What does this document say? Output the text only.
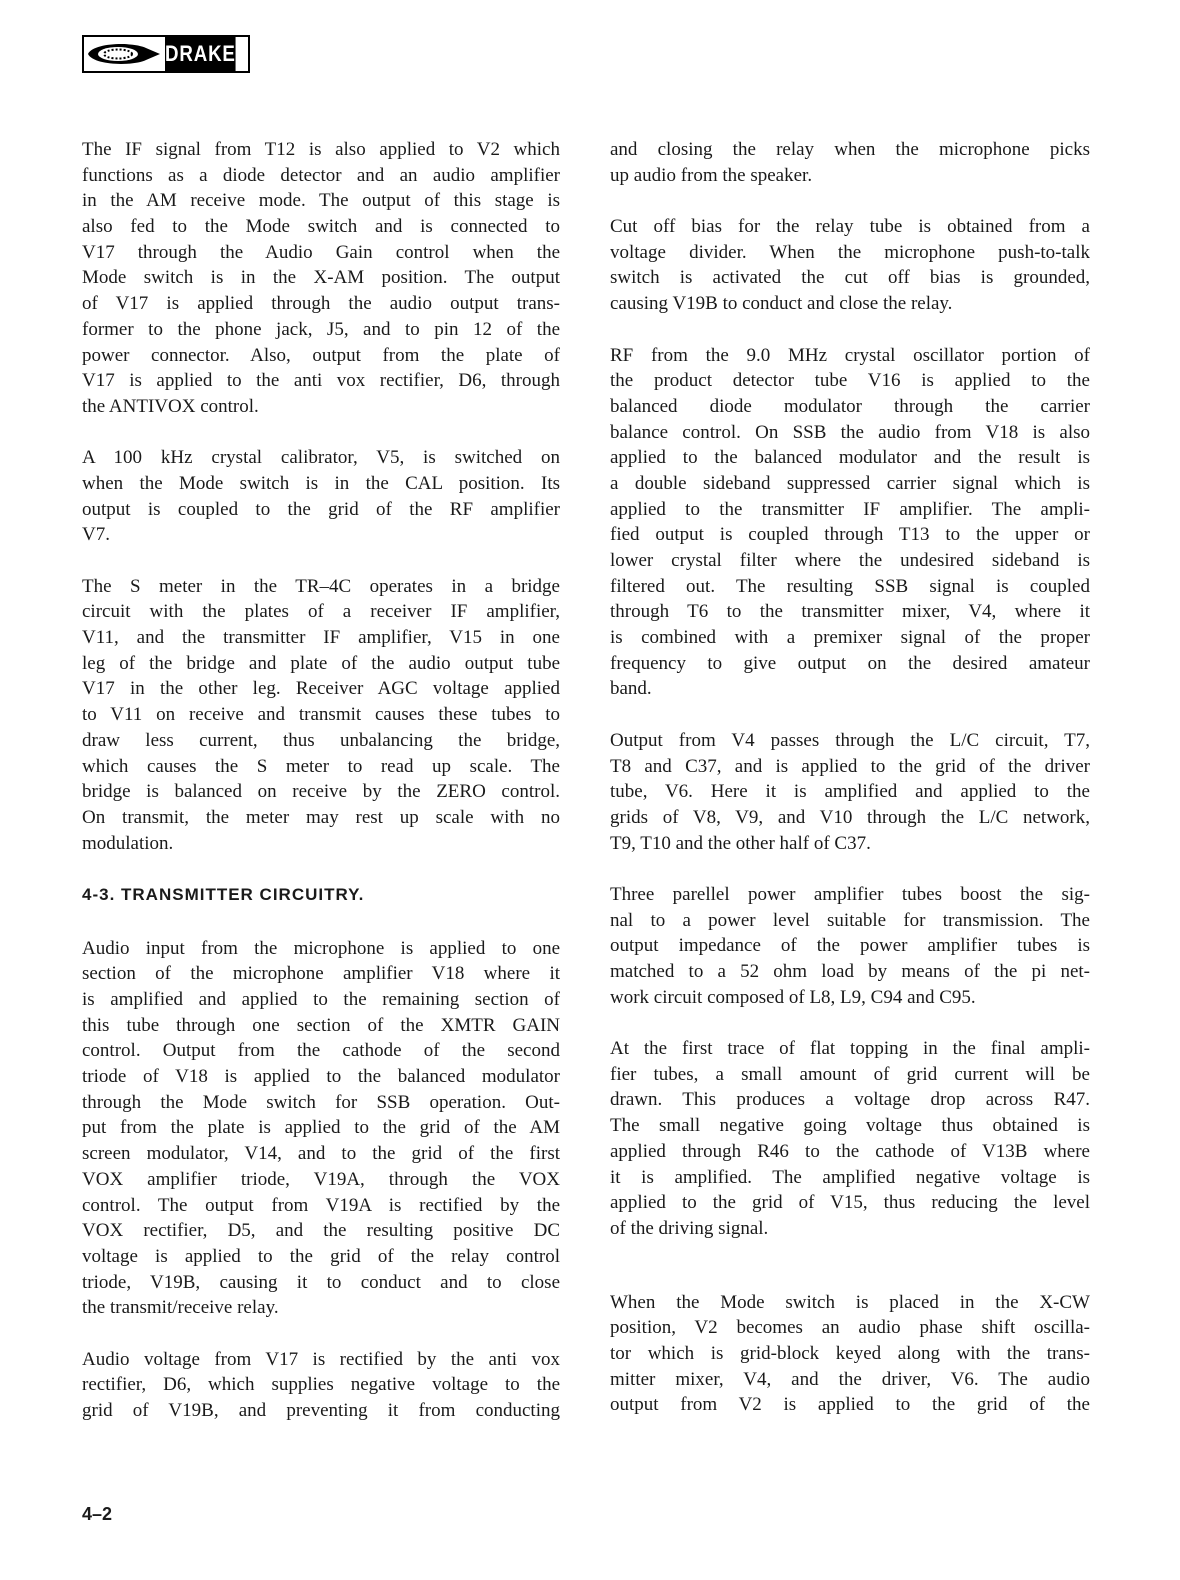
DRAKE
The IF signal from T12 is also applied to V2 which
functions as a diode detector and an audio amplifier
in the AM receive mode. The output of this stage is
also fed to the Mode switch and is connected to
V17 through the Audio Gain control when the
Mode switch is in the X-AM position. The output
of V17 is applied through the audio output trans-
former to the phone jack, J5, and to pin 12 of the
power connector. Also, output from the plate of
V17 is applied to the anti vox rectifier, D6, through
the ANTIVOX control.
A 100 kHz crystal calibrator, V5, is switched on
when the Mode switch is in the CAL position. Its
output is coupled to the grid of the RF amplifier
V7.
The S meter in the TR–4C operates in a bridge
circuit with the plates of a receiver IF amplifier,
V11, and the transmitter IF amplifier, V15 in one
leg of the bridge and plate of the audio output tube
V17 in the other leg. Receiver AGC voltage applied
to V11 on receive and transmit causes these tubes to
draw less current, thus unbalancing the bridge,
which causes the S meter to read up scale. The
bridge is balanced on receive by the ZERO control.
On transmit, the meter may rest up scale with no
modulation.
4-3. TRANSMITTER CIRCUITRY.
Audio input from the microphone is applied to one
section of the microphone amplifier V18 where it
is amplified and applied to the remaining section of
this tube through one section of the XMTR GAIN
control. Output from the cathode of the second
triode of V18 is applied to the balanced modulator
through the Mode switch for SSB operation. Out-
put from the plate is applied to the grid of the AM
screen modulator, V14, and to the grid of the first
VOX amplifier triode, V19A, through the VOX
control. The output from V19A is rectified by the
VOX rectifier, D5, and the resulting positive DC
voltage is applied to the grid of the relay control
triode, V19B, causing it to conduct and to close
the transmit/receive relay.
Audio voltage from V17 is rectified by the anti vox
rectifier, D6, which supplies negative voltage to the
grid of V19B, and preventing it from conducting
and closing the relay when the microphone picks
up audio from the speaker.
Cut off bias for the relay tube is obtained from a
voltage divider. When the microphone push-to-talk
switch is activated the cut off bias is grounded,
causing V19B to conduct and close the relay.
RF from the 9.0 MHz crystal oscillator portion of
the product detector tube V16 is applied to the
balanced diode modulator through the carrier
balance control. On SSB the audio from V18 is also
applied to the balanced modulator and the result is
a double sideband suppressed carrier signal which is
applied to the transmitter IF amplifier. The ampli-
fied output is coupled through T13 to the upper or
lower crystal filter where the undesired sideband is
filtered out. The resulting SSB signal is coupled
through T6 to the transmitter mixer, V4, where it
is combined with a premixer signal of the proper
frequency to give output on the desired amateur
band.
Output from V4 passes through the L/C circuit, T7,
T8 and C37, and is applied to the grid of the driver
tube, V6. Here it is amplified and applied to the
grids of V8, V9, and V10 through the L/C network,
T9, T10 and the other half of C37.
Three parellel power amplifier tubes boost the sig-
nal to a power level suitable for transmission. The
output impedance of the power amplifier tubes is
matched to a 52 ohm load by means of the pi net-
work circuit composed of L8, L9, C94 and C95.
At the first trace of flat topping in the final ampli-
fier tubes, a small amount of grid current will be
drawn. This produces a voltage drop across R47.
The small negative going voltage thus obtained is
applied through R46 to the cathode of V13B where
it is amplified. The amplified negative voltage is
applied to the grid of V15, thus reducing the level
of the driving signal.
When the Mode switch is placed in the X-CW
position, V2 becomes an audio phase shift oscilla-
tor which is grid-block keyed along with the trans-
mitter mixer, V4, and the driver, V6. The audio
output from V2 is applied to the grid of the
4–2
